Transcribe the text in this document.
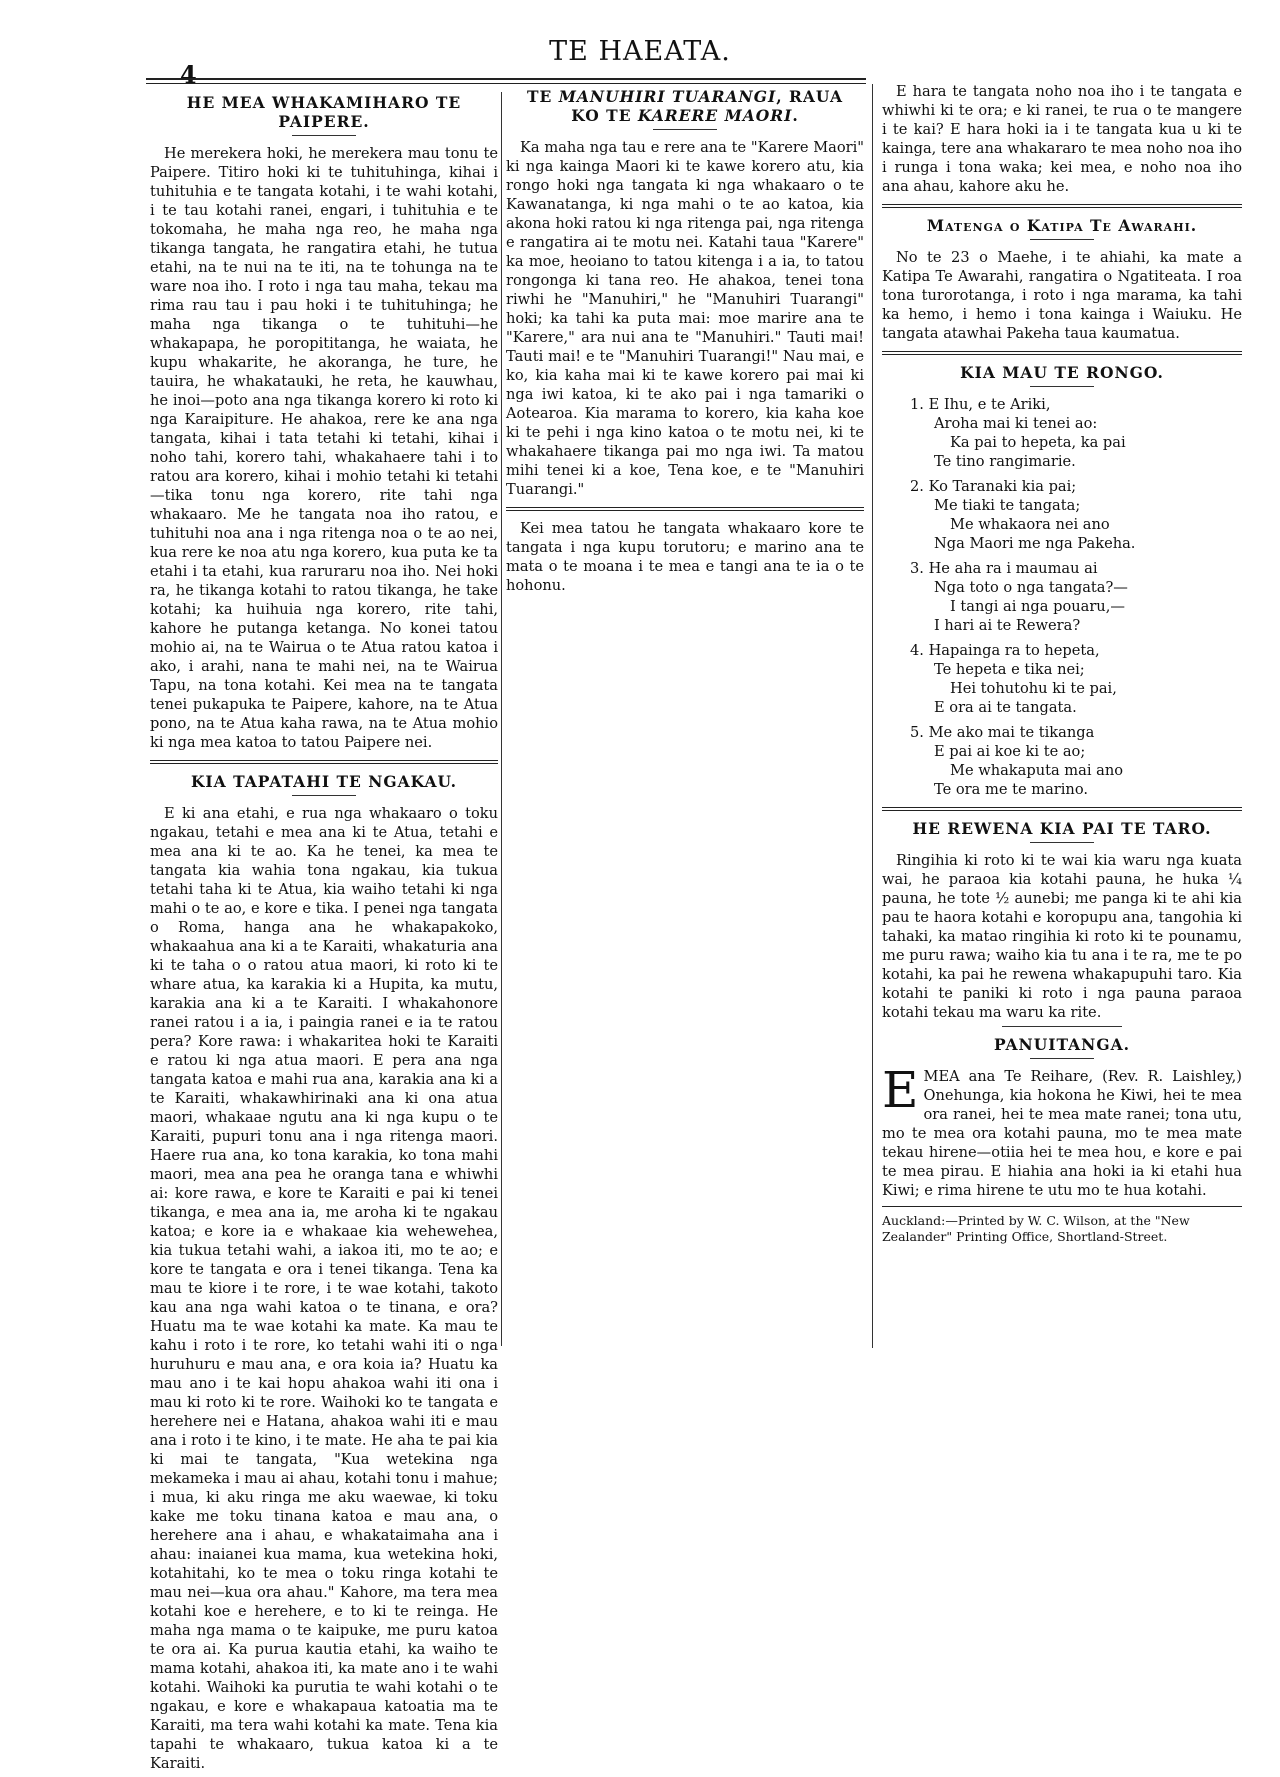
4
TE HAEATA.
HE MEA WHAKAMIHARO TE PAIPERE.

He merekera hoki, he merekera mau tonu te Paipere. Titiro hoki ki te tuhituhinga, kihai i tuhituhia e te tangata kotahi, i te wahi kotahi, i te tau kotahi ranei, engari, i tuhituhia e te tokomaha, he maha nga reo, he maha nga tikanga tangata, he rangatira etahi, he tutua etahi, na te nui na te iti, na te tohunga na te ware noa iho. I roto i nga tau maha, tekau ma rima rau tau i pau hoki i te tuhituhinga; he maha nga tikanga o te tuhituhi—he whakapapa, he poropititanga, he waiata, he kupu whakarite, he akoranga, he ture, he tauira, he whakatauki, he reta, he kauwhau, he inoi—poto ana nga tikanga korero ki roto ki nga Karaipiture. He ahakoa, rere ke ana nga tangata, kihai i tata tetahi ki tetahi, kihai i noho tahi, korero tahi, whakahaere tahi i to ratou ara korero, kihai i mohio tetahi ki tetahi—tika tonu nga korero, rite tahi nga whakaaro. Me he tangata noa iho ratou, e tuhituhi noa ana i nga ritenga noa o te ao nei, kua rere ke noa atu nga korero, kua puta ke ta etahi i ta etahi, kua raruraru noa iho. Nei hoki ra, he tikanga kotahi to ratou tikanga, he take kotahi; ka huihuia nga korero, rite tahi, kahore he putanga ketanga. No konei tatou mohio ai, na te Wairua o te Atua ratou katoa i ako, i arahi, nana te mahi nei, na te Wairua Tapu, na tona kotahi. Kei mea na te tangata tenei pukapuka te Paipere, kahore, na te Atua pono, na te Atua kaha rawa, na te Atua mohio ki nga mea katoa to tatou Paipere nei.

KIA TAPATAHI TE NGAKAU.

E ki ana etahi, e rua nga whakaaro o toku ngakau, tetahi e mea ana ki te Atua, tetahi e mea ana ki te ao. Ka he tenei, ka mea te tangata kia wahia tona ngakau, kia tukua tetahi taha ki te Atua, kia waiho tetahi ki nga mahi o te ao, e kore e tika. I penei nga tangata o Roma, hanga ana he whakapakoko, whakaahua ana ki a te Karaiti, whakaturia ana ki te taha o o ratou atua maori, ki roto ki te whare atua, ka karakia ki a Hupita, ka mutu, karakia ana ki a te Karaiti. I whakahonore ranei ratou i a ia, i paingia ranei e ia te ratou pera? Kore rawa: i whakaritea hoki te Karaiti e ratou ki nga atua maori. E pera ana nga tangata katoa e mahi rua ana, karakia ana ki a te Karaiti, whakawhirinaki ana ki ona atua maori, whakaae ngutu ana ki nga kupu o te Karaiti, pupuri tonu ana i nga ritenga maori. Haere rua ana, ko tona karakia, ko tona mahi maori, mea ana pea he oranga tana e whiwhi ai: kore rawa, e kore te Karaiti e pai ki tenei tikanga, e mea ana ia, me aroha ki te ngakau katoa; e kore ia e whakaae kia wehewehea, kia tukua tetahi wahi, a iakoa iti, mo te ao; e kore te tangata e ora i tenei tikanga. Tena ka mau te kiore i te rore, i te wae kotahi, takoto kau ana nga wahi katoa o te tinana, e ora? Huatu ma te wae kotahi ka mate. Ka mau te kahu i roto i te rore, ko tetahi wahi iti o nga huruhuru e mau ana, e ora koia ia? Huatu ka mau ano i te kai hopu ahakoa wahi iti ona i mau ki roto ki te rore. Waihoki ko te tangata e herehere nei e Hatana, ahakoa wahi iti e mau ana i roto i te kino, i te mate. He aha te pai kia ki mai te tangata, "Kua wetekina nga mekameka i mau ai ahau, kotahi tonu i mahue; i mua, ki aku ringa me aku waewae, ki toku kake me toku tinana katoa e mau ana, o herehere ana i ahau, e whakataimaha ana i ahau: inaianei kua mama, kua wetekina hoki, kotahitahi, ko te mea o toku ringa kotahi te mau nei—kua ora ahau." Kahore, ma tera mea kotahi koe e herehere, e to ki te reinga. He maha nga mama o te kaipuke, me puru katoa te ora ai. Ka purua kautia etahi, ka waiho te mama kotahi, ahakoa iti, ka mate ano i te wahi kotahi. Waihoki ka purutia te wahi kotahi o te ngakau, e kore e whakapaua katoatia ma te Karaiti, ma tera wahi kotahi ka mate. Tena kia tapahi te whakaaro, tukua katoa ki a te Karaiti.

TE MANUHIRI TUARANGI, RAUA
KO TE KARERE MAORI.

Ka maha nga tau e rere ana te "Karere Maori" ki nga kainga Maori ki te kawe korero atu, kia rongo hoki nga tangata ki nga whakaaro o te Kawanatanga, ki nga mahi o te ao katoa, kia akona hoki ratou ki nga ritenga pai, nga ritenga e rangatira ai te motu nei. Katahi taua "Karere" ka moe, heoiano to tatou kitenga i a ia, to tatou rongonga ki tana reo. He ahakoa, tenei tona riwhi he "Manuhiri," he "Manuhiri Tuarangi" hoki; ka tahi ka puta mai: moe marire ana te "Karere," ara nui ana te "Manuhiri." Tauti mai! Tauti mai! e te "Manuhiri Tuarangi!" Nau mai, e ko, kia kaha mai ki te kawe korero pai mai ki nga iwi katoa, ki te ako pai i nga tamariki o Aotearoa. Kia marama to korero, kia kaha koe ki te pehi i nga kino katoa o te motu nei, ki te whakahaere tikanga pai mo nga iwi. Ta matou mihi tenei ki a koe, Tena koe, e te "Manuhiri Tuarangi."

Kei mea tatou he tangata whakaaro kore te tangata i nga kupu torutoru; e marino ana te mata o te moana i te mea e tangi ana te ia o te hohonu.

E hara te tangata noho noa iho i te tangata e whiwhi ki te ora; e ki ranei, te rua o te mangere i te kai? E hara hoki ia i te tangata kua u ki te kainga, tere ana whakararo te mea noho noa iho i runga i tona waka; kei mea, e noho noa iho ana ahau, kahore aku he.

Matenga o Katipa Te Awarahi.

No te 23 o Maehe, i te ahiahi, ka mate a Katipa Te Awarahi, rangatira o Ngatiteata. I roa tona turorotanga, i roto i nga marama, ka tahi ka hemo, i hemo i tona kainga i Waiuku. He tangata atawhai Pakeha taua kaumatua.

KIA MAU TE RONGO.
1. E Ihu, e te Ariki,
Aroha mai ki tenei ao:
Ka pai to hepeta, ka pai
Te tino rangimarie.
2. Ko Taranaki kia pai;
Me tiaki te tangata;
Me whakaora nei ano
Nga Maori me nga Pakeha.
3. He aha ra i maumau ai
Nga toto o nga tangata?—
I tangi ai nga pouaru,—
I hari ai te Rewera?
4. Hapainga ra to hepeta,
Te hepeta e tika nei;
Hei tohutohu ki te pai,
E ora ai te tangata.
5. Me ako mai te tikanga
E pai ai koe ki te ao;
Me whakaputa mai ano
Te ora me te marino.
HE REWENA KIA PAI TE TARO.

Ringihia ki roto ki te wai kia waru nga kuata wai, he paraoa kia kotahi pauna, he huka ¼ pauna, he tote ½ aunebi; me panga ki te ahi kia pau te haora kotahi e koropupu ana, tangohia ki tahaki, ka matao ringihia ki roto ki te pounamu, me puru rawa; waiho kia tu ana i te ra, me te po kotahi, ka pai he rewena whakapupuhi taro. Kia kotahi te paniki ki roto i nga pauna paraoa kotahi tekau ma waru ka rite.

PANUITANGA.

EMEA ana Te Reihare, (Rev. R. Laishley,) Onehunga, kia hokona he Kiwi, hei te mea ora ranei, hei te mea mate ranei; tona utu, mo te mea ora kotahi pauna, mo te mea mate tekau hirene—otiia hei te mea hou, e kore e pai te mea pirau. E hiahia ana hoki ia ki etahi hua Kiwi; e rima hirene te utu mo te hua kotahi.

Auckland:—Printed by W. C. Wilson, at the "New Zealander" Printing Office, Shortland-Street.
